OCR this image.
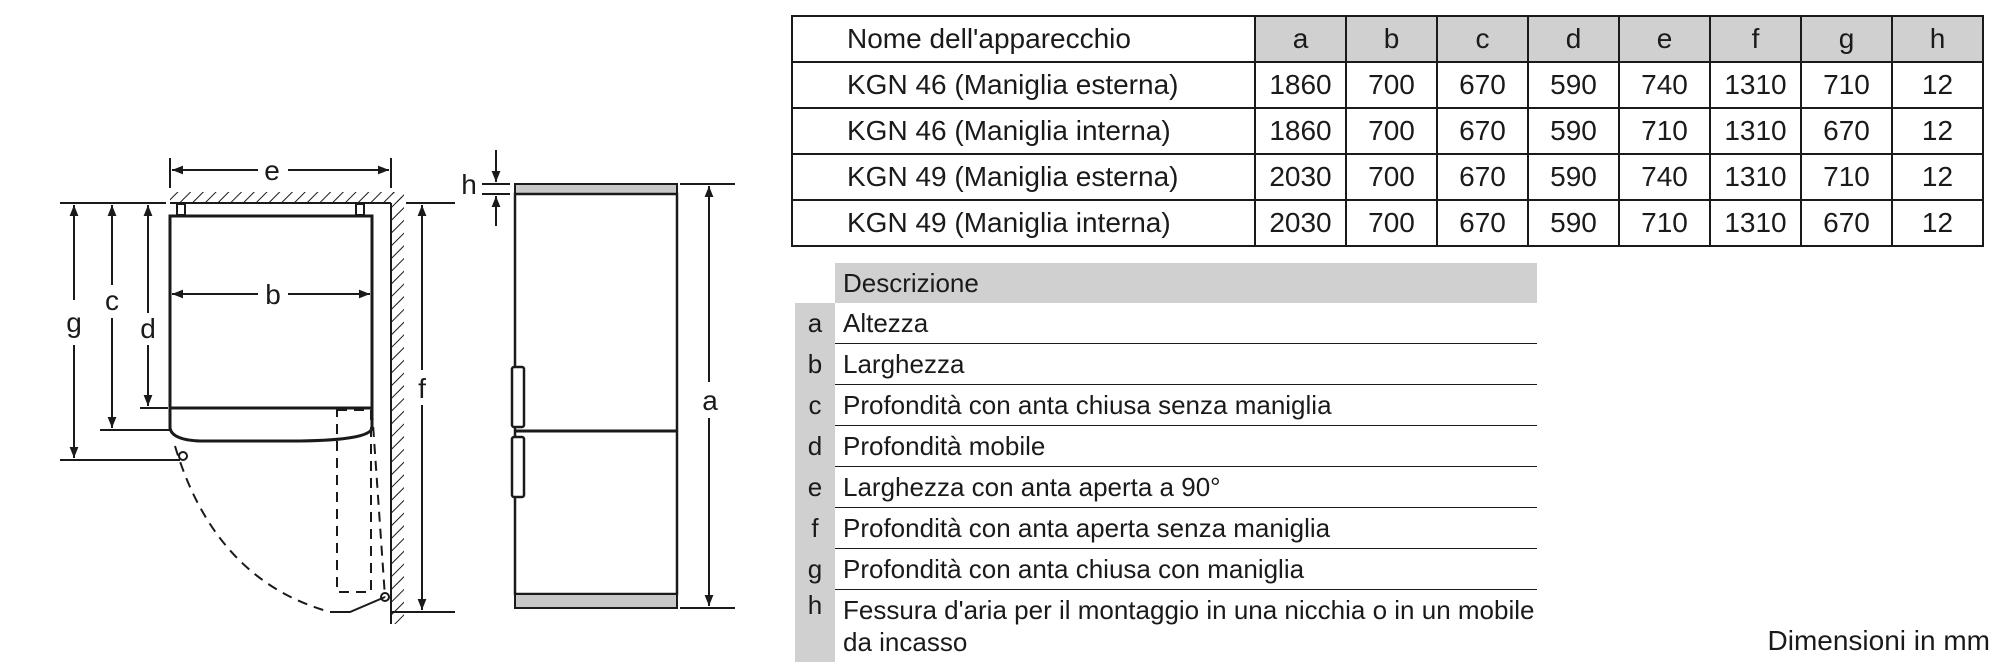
e
b
c
d
g
f
h
a
Nome dell'apparecchio	a	b	c	d	e	f	g	h
KGN 46 (Maniglia esterna)	1860	700	670	590	740	1310	710	12
KGN 46 (Maniglia interna)	1860	700	670	590	710	1310	670	12
KGN 49 (Maniglia esterna)	2030	700	670	590	740	1310	710	12
KGN 49 (Maniglia interna)	2030	700	670	590	710	1310	670	12
	Descrizione
a	Altezza
b	Larghezza
c	Profondità con anta chiusa senza maniglia
d	Profondità mobile
e	Larghezza con anta aperta a 90°
f	Profondità con anta aperta senza maniglia
g	Profondità con anta chiusa con maniglia
h	Fessura d'aria per il montaggio in una nicchia o in un mobile da incasso	Dimensioni in mm
